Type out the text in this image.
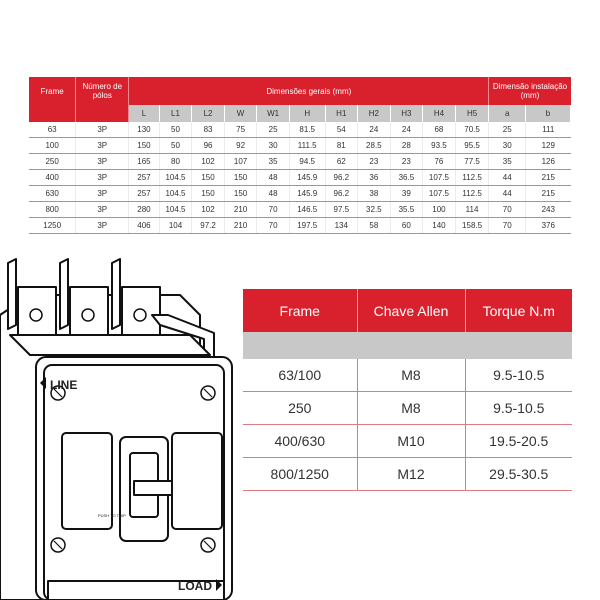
Frame	Número de pólos	Dimensões gerais (mm)											Dimensão instalação (mm)	
		L	L1	L2	W	W1	H	H1	H2	H3	H4	H5	a	b
63	3P	130	50	83	75	25	81.5	54	24	24	68	70.5	25	111
100	3P	150	50	96	92	30	111.5	81	28.5	28	93.5	95.5	30	129
250	3P	165	80	102	107	35	94.5	62	23	23	76	77.5	35	126
400	3P	257	104.5	150	150	48	145.9	96.2	36	36.5	107.5	112.5	44	215
630	3P	257	104.5	150	150	48	145.9	96.2	38	39	107.5	112.5	44	215
800	3P	280	104.5	102	210	70	146.5	97.5	32.5	35.5	100	114	70	243
1250	3P	406	104	97.2	210	70	197.5	134	58	60	140	158.5	70	376
Frame	Chave Allen	Torque N.m

63/100	M8	9.5-10.5
250	M8	9.5-10.5
400/630	M10	19.5-20.5
800/1250	M12	29.5-30.5
LINE
PUSH TO TRIP
LOAD
